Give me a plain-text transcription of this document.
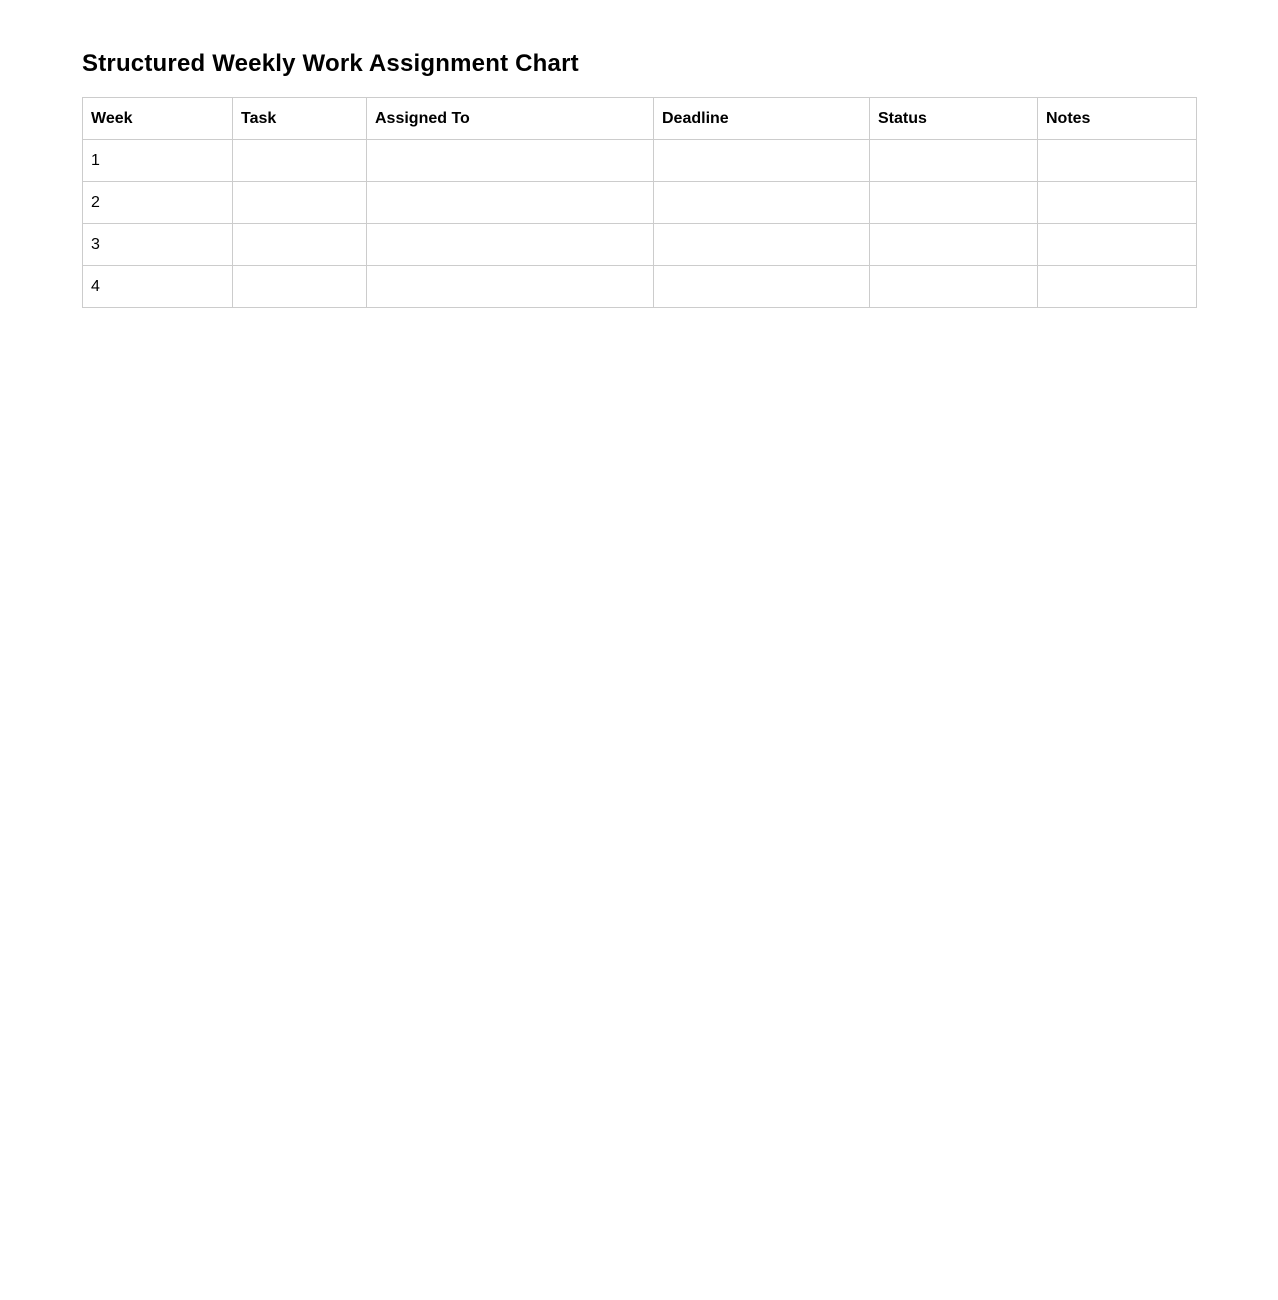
Structured Weekly Work Assignment Chart
Week	Task	Assigned To	Deadline	Status	Notes
1					
2					
3					
4					
